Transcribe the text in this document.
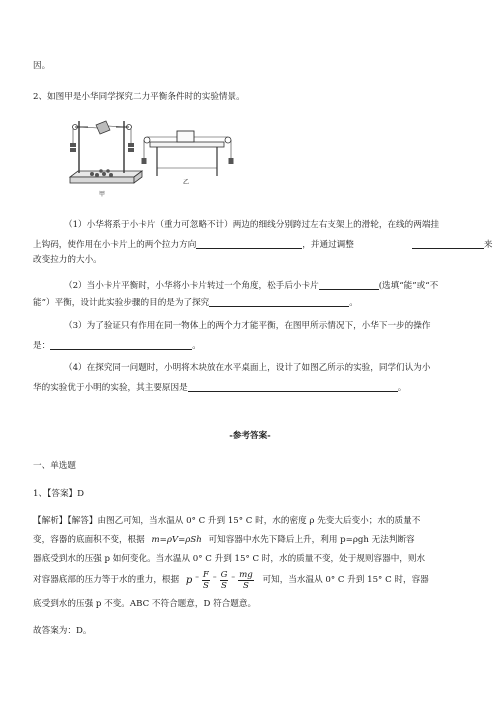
因。
2、如图甲是小华同学探究二力平衡条件时的实验情景。
甲
乙
（1）小华将系于小卡片（重力可忽略不计）两边的细线分别跨过左右支架上的滑轮，在线的两端挂
上钩码，使作用在小卡片上的两个拉力方向	，并通过调整	来
改变拉力的大小。
（2）当小卡片平衡时，小华将小卡片转过一个角度，松手后小卡片	(选填“能”或“不
能”）平衡，设计此实验步骤的目的是为了探究	。
（3）为了验证只有作用在同一物体上的两个力才能平衡，在图甲所示情况下，小华下一步的操作
是：	。
（4）在探究同一问题时，小明将木块放在水平桌面上，设计了如图乙所示的实验，同学们认为小
华的实验优于小明的实验，其主要原因是	。
-参考答案-
一、单选题
1、【答案】D
【解析】【解答】由图乙可知，当水温从 0° C 升到 15° C 时，水的密度 ρ 先变大后变小；水的质量不
变，容器的底面积不变，根据 m=ρV=ρSh 可知容器中水先下降后上升，利用 p=ρgh 无法判断容
器底受到水的压强 p 如何变化。当水温从 0° C 升到 15° C 时，水的质量不变，处于规则容器中，则水
对容器底部的压力等于水的重力，根据 p $^= \frac{F}{S} ^= \frac{G}{S} ^= \frac{mg}{S}$ 可知，当水温从 0° C 升到 15° C 时，容器
底受到水的压强 p 不变。ABC 不符合题意，D 符合题意。
故答案为：D。
